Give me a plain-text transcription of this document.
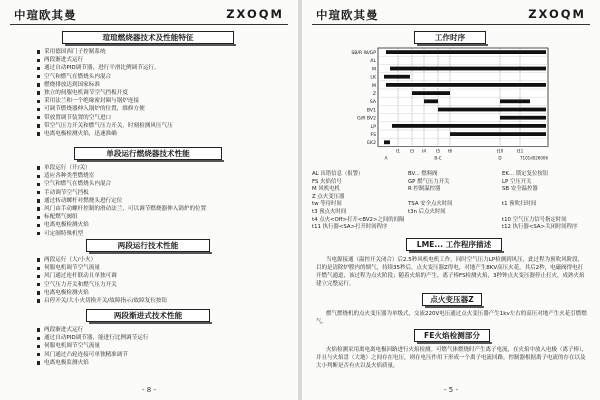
中瑄欧其曼	ZXOQM
瑄瑄燃烧器技术及性能特征
采用德国西门子控制系统
两段渐进式运行
通过自动PID调节器，进行平滑比例调节运行。
空气和燃气在燃烧头内混合
燃烧排放达到国家标准
独立的伺服电机调节空气挡板开度
采用法兰和一个绝缘密封圈与锅炉连接
可调节燃烧器伸入锅炉的位置，维修方便
带放置调节装置的空气进口
带空气压力开关和燃气压力开关，时刻检测风压气压
电离电极检测火焰，迅速准确
单段运行燃烧器技术性能
单段运行（开/关）
适应各种类型燃烧室
空气和燃气在燃烧头内混合
手动调节空气挡板
通过转动螺杆对燃烧头进行定位
风门由手动螺杆控制的滑动法兰，可以调节燃烧器伸入锅炉的位置
标配燃气阀组
电离电极检测火焰
可定制特殊机型
两段运行技术性能
两段运行（大/小火）
伺服电机调节空气流量
风门通过连杆联动且单独可调
空气压力开关和燃气压力开关
电离电极检测火焰
启停开关/大小火切换开关/故障指示/故障复位按钮
两段渐进式技术性能
两段渐进式运行
通过自动PID调节器，能进行比例调节运行
伺服电机调节空气流量
风门通过凸轮连接可单独精准调节
电离电极监测火焰
- 8 -
中瑄欧其曼	ZXOQM
工作时序
SB/R W/GP
AL
M
LK
M
Z
SA
BV1
G/R BV2
LP
FS
EK2
t1 t3 t4 t5 t6	t10	t11
A	B-C	D	7101d026006
AL 出错信息（报警）	BV... 燃料阀	EK... 锁定复位按钮
FS 火焰信号	GP 燃气压力开关	LP 空压开关
M 风机电机	R 控制温控器	SB 安全温控器
Z 点火变压器
tw 等待时间	TSA 安全点火时间	t1 预吹扫时间
t3 预点火时间	t3n 后点火时间
t4 点火<Off>打开<BV2>之间的间隔	t10 空气压力信号指定时间
t11 执行器<SA>打开时间程序	t12 执行器<SA>关闭时间程序
LME... 工作程序描述
当电源接通（温控开关闭合）后2.5秒风机电机工作，同时空气压力LP检测到风压，此过程为预吹风阶段，目的是清除炉膛内的烟气，持续35秒后，点火变压器Z得电，对地产生8KV高压火花，其后2秒，电磁阀得电打开燃气通道，该过程为点火阶段；随着火焰的产生，离子棒FS检测火焰，3秒钟点火变压器停止打火，成熟火焰建立完整运行。
点火变压器Z
燃气燃烧机的点火变压器为单级式，交流220V电压通过点火变压器产生1kv左右的高压对地产生火花引燃燃气。
FE火焰检测部分
火焰检测采用离电离电极回路进行火焰检测。可燃气体燃烧时产生离子电流，在火焰中放入电极（离子棒），并且与火焰盘（大地）之间存在电压，则在电压作用下形成一个离子电流回路。控制器根据离子电流的存在以及大小判断是否有火以及火焰质量。
- 5 -
